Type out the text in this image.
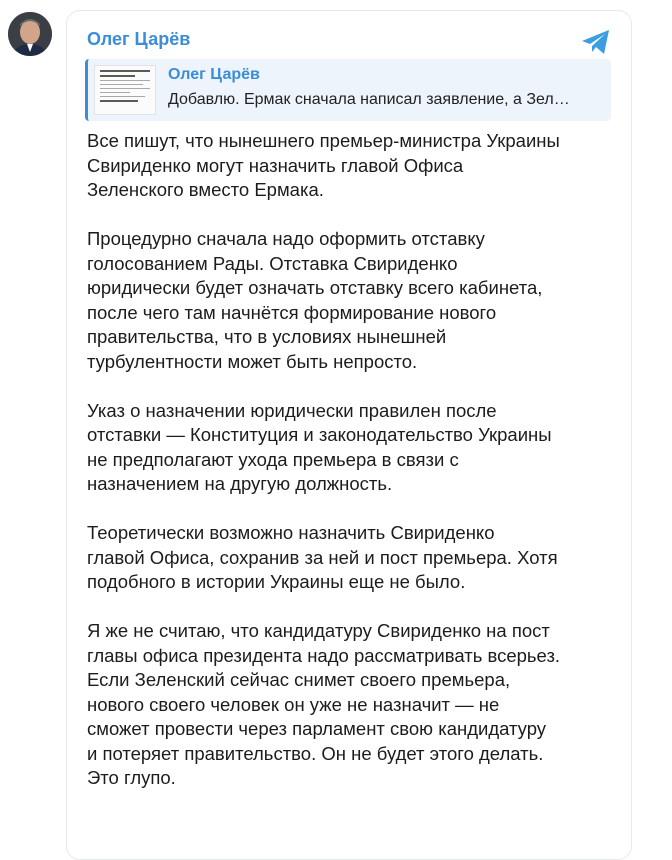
Олег Царёв
Олег Царёв
Добавлю. Ермак сначала написал заявление, а Зел…
Все пишут, что нынешнего премьер-министра Украины
Свириденко могут назначить главой Офиса
Зеленского вместо Ермака.
Процедурно сначала надо оформить отставку
голосованием Рады. Отставка Свириденко
юридически будет означать отставку всего кабинета,
после чего там начнётся формирование нового
правительства, что в условиях нынешней
турбулентности может быть непросто.
Указ о назначении юридически правилен после
отставки — Конституция и законодательство Украины
не предполагают ухода премьера в связи с
назначением на другую должность.
Теоретически возможно назначить Свириденко
главой Офиса, сохранив за ней и пост премьера. Хотя
подобного в истории Украины еще не было.
Я же не считаю, что кандидатуру Свириденко на пост
главы офиса президента надо рассматривать всерьез.
Если Зеленский сейчас снимет своего премьера,
нового своего человек он уже не назначит — не
сможет провести через парламент свою кандидатуру
и потеряет правительство. Он не будет этого делать.
Это глупо.
